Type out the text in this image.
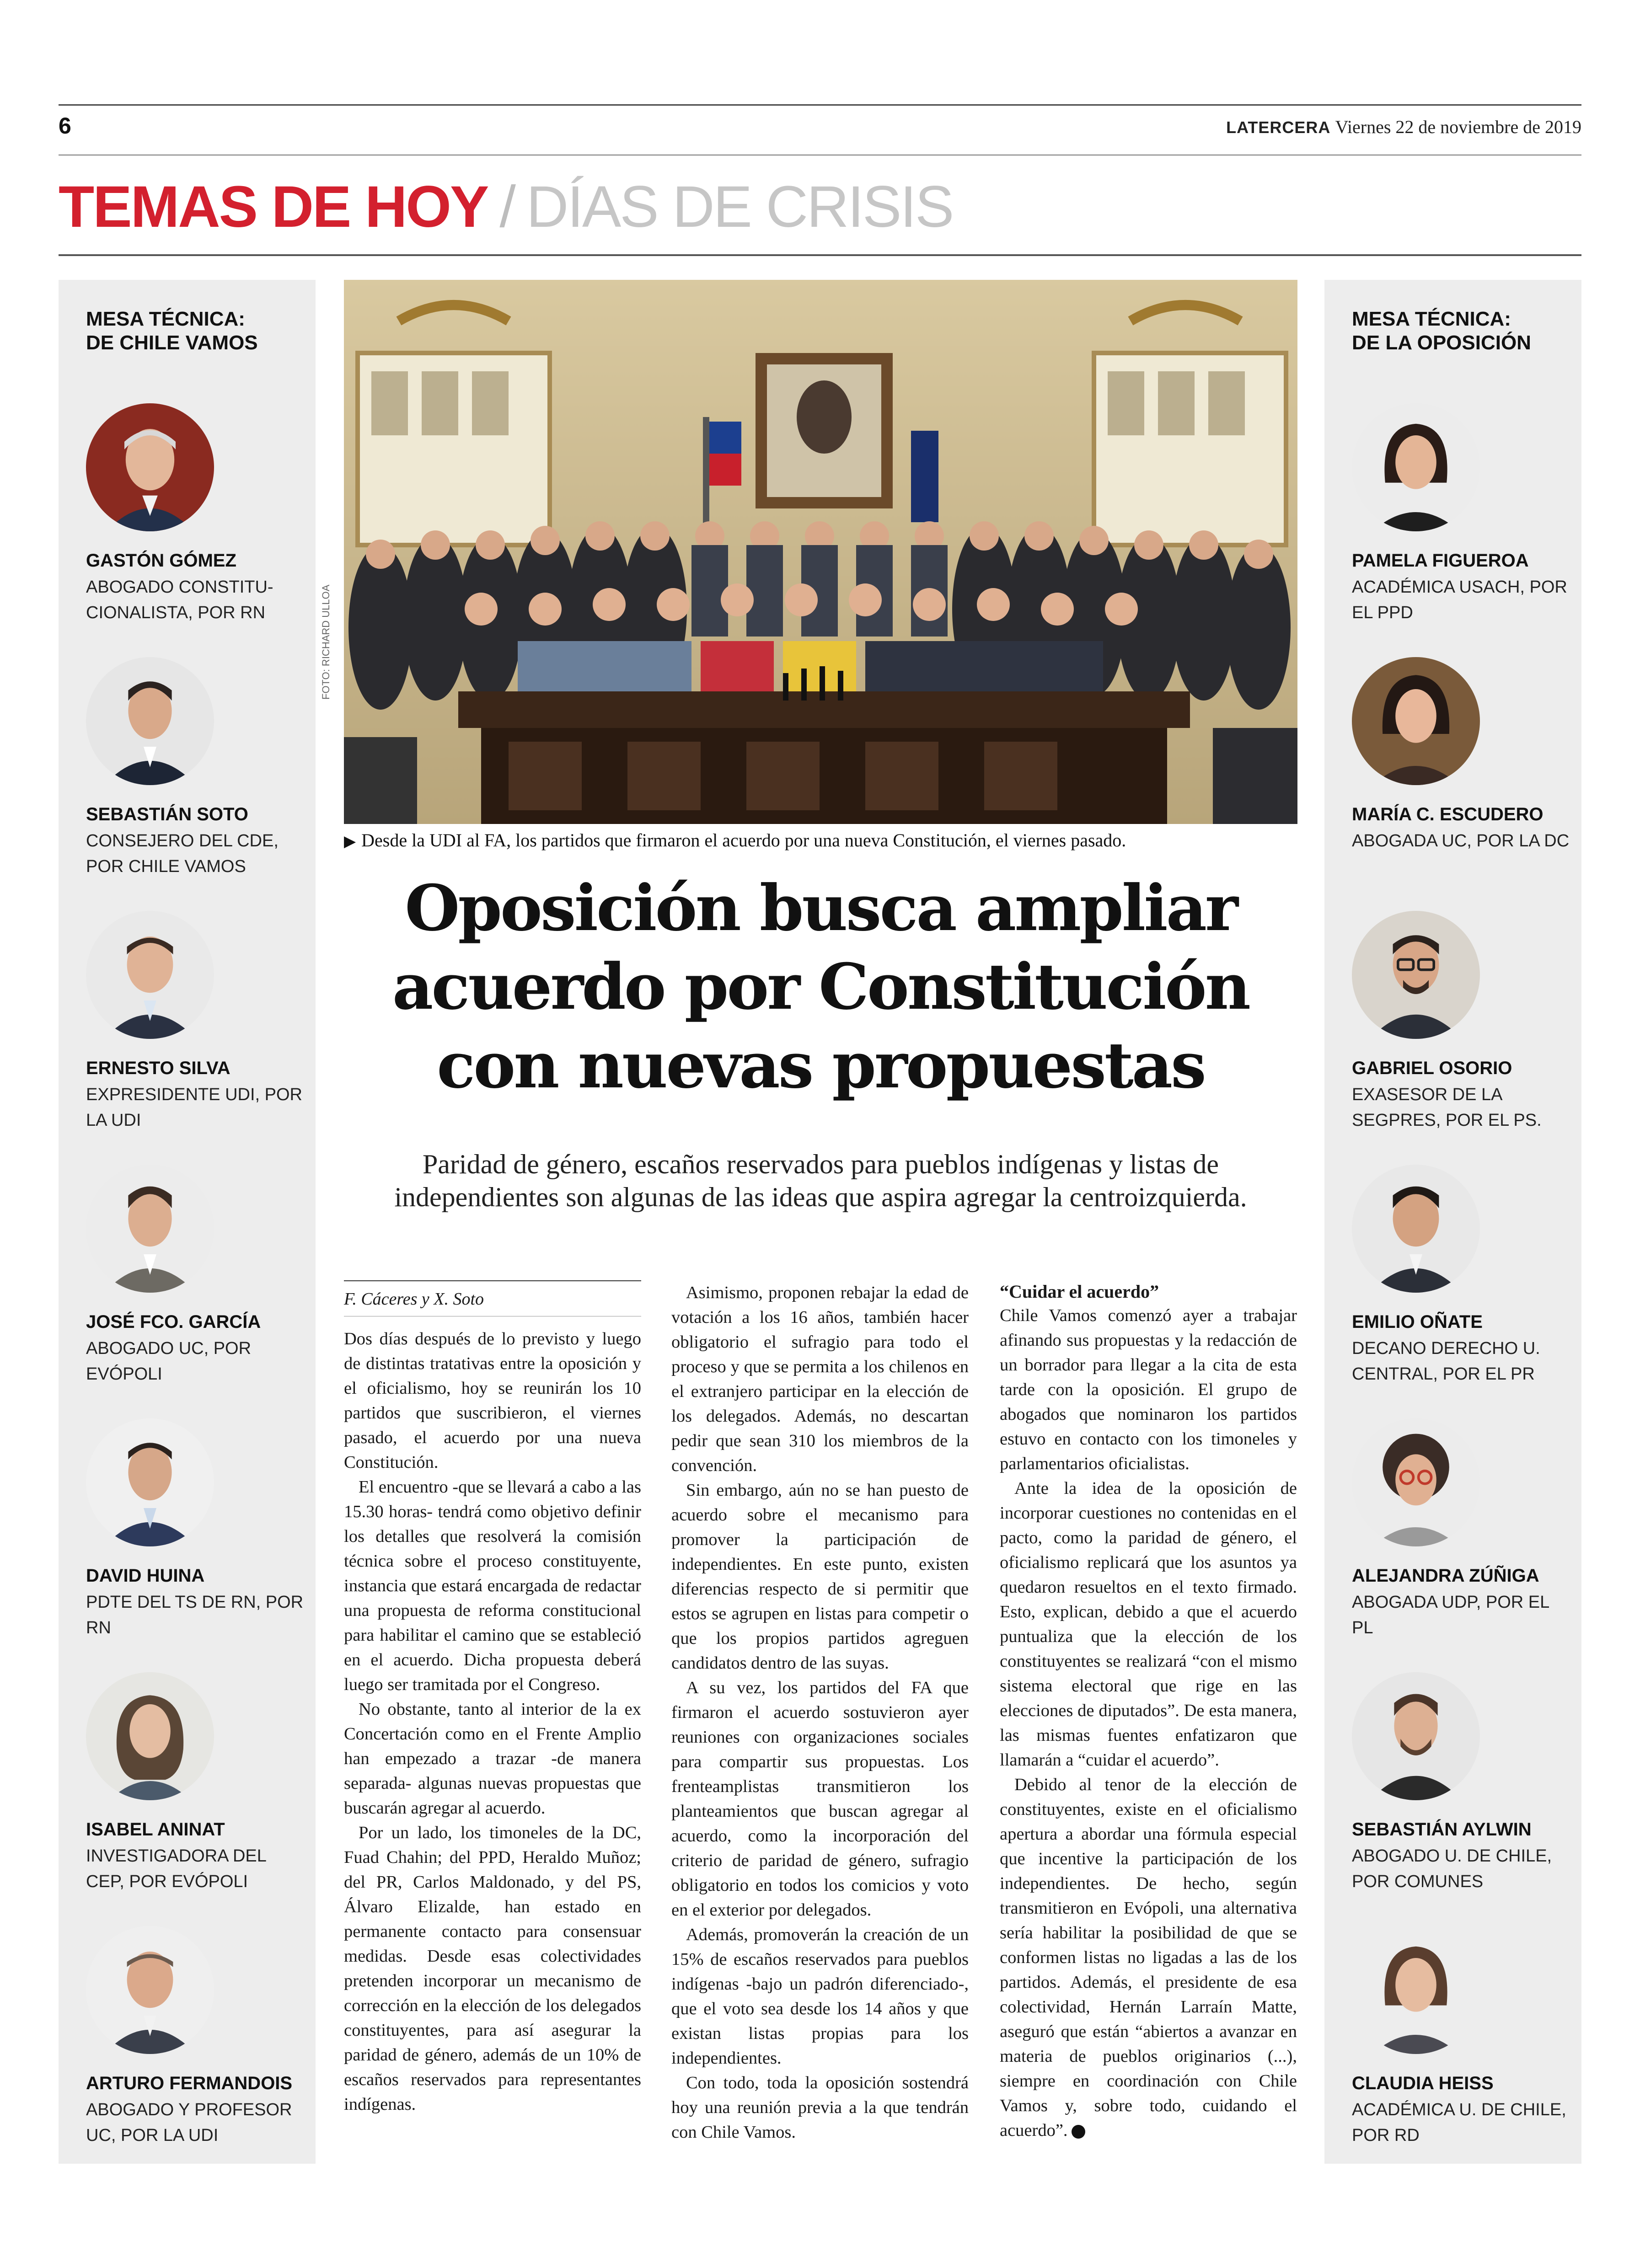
6	LATERCERA Viernes 22 de noviembre de 2019
TEMAS DE HOY / DÍAS DE CRISIS
MESA TÉCNICA: DE CHILE VAMOS
GASTÓN GÓMEZ
ABOGADO CONSTITU-CIONALISTA, POR RN
SEBASTIÁN SOTO
CONSEJERO DEL CDE, POR CHILE VAMOS
ERNESTO SILVA
EXPRESIDENTE UDI, POR LA UDI
JOSÉ FCO. GARCÍA
ABOGADO UC, POR EVÓPOLI
DAVID HUINA
PDTE DEL TS DE RN, POR RN
ISABEL ANINAT
INVESTIGADORA DEL CEP, POR EVÓPOLI
ARTURO FERMANDOIS
ABOGADO Y PROFESOR UC, POR LA UDI
MESA TÉCNICA: DE LA OPOSICIÓN
PAMELA FIGUEROA
ACADÉMICA USACH, POR EL PPD
MARÍA C. ESCUDERO
ABOGADA UC, POR LA DC
GABRIEL OSORIO
EXASESOR DE LA SEGPRES, POR EL PS.
EMILIO OÑATE
DECANO DERECHO U. CENTRAL, POR EL PR
ALEJANDRA ZÚÑIGA
ABOGADA UDP, POR EL PL
SEBASTIÁN AYLWIN
ABOGADO U. DE CHILE, POR COMUNES
CLAUDIA HEISS
ACADÉMICA U. DE CHILE, POR RD
FOTO: RICHARD ULLOA
▶ Desde la UDI al FA, los partidos que firmaron el acuerdo por una nueva Constitución, el viernes pasado.
Oposición busca ampliar acuerdo por Constitución con nuevas propuestas
Paridad de género, escaños reservados para pueblos indígenas y listas de independientes son algunas de las ideas que aspira agregar la centroizquierda.
F. Cáceres y X. Soto

Dos días después de lo previsto y luego de distintas tratativas entre la oposición y el oficialismo, hoy se reunirán los 10 partidos que suscribieron, el viernes pasado, el acuerdo por una nueva Constitución.

El encuentro -que se llevará a cabo a las 15.30 horas- tendrá como objetivo definir los detalles que resolverá la comisión técnica sobre el proceso constituyente, instancia que estará encargada de redactar una propuesta de reforma constitucional para habilitar el camino que se estableció en el acuerdo. Dicha propuesta deberá luego ser tramitada por el Congreso.

No obstante, tanto al interior de la ex Concertación como en el Frente Amplio han empezado a trazar -de manera separada- algunas nuevas propuestas que buscarán agregar al acuerdo.

Por un lado, los timoneles de la DC, Fuad Chahin; del PPD, Heraldo Muñoz; del PR, Carlos Maldonado, y del PS, Álvaro Elizalde, han estado en permanente contacto para consensuar medidas. Desde esas colectividades pretenden incorporar un mecanismo de corrección en la elección de los delegados constituyentes, para así asegurar la paridad de género, además de un 10% de escaños reservados para representantes indígenas.

Asimismo, proponen rebajar la edad de votación a los 16 años, también hacer obligatorio el sufragio para todo el proceso y que se permita a los chilenos en el extranjero participar en la elección de los delegados. Además, no descartan pedir que sean 310 los miembros de la convención.

Sin embargo, aún no se han puesto de acuerdo sobre el mecanismo para promover la participación de independientes. En este punto, existen diferencias respecto de si permitir que estos se agrupen en listas para competir o que los propios partidos agreguen candidatos dentro de las suyas.

A su vez, los partidos del FA que firmaron el acuerdo sostuvieron ayer reuniones con organizaciones sociales para compartir sus propuestas. Los frenteamplistas transmitieron los planteamientos que buscan agregar al acuerdo, como la incorporación del criterio de paridad de género, sufragio obligatorio en todos los comicios y voto en el exterior por delegados.

Además, promoverán la creación de un 15% de escaños reservados para pueblos indígenas -bajo un padrón diferenciado-, que el voto sea desde los 14 años y que existan listas propias para los independientes.

Con todo, toda la oposición sostendrá hoy una reunión previa a la que tendrán con Chile Vamos.

“Cuidar el acuerdo”

Chile Vamos comenzó ayer a trabajar afinando sus propuestas y la redacción de un borrador para llegar a la cita de esta tarde con la oposición. El grupo de abogados que nominaron los partidos estuvo en contacto con los timoneles y parlamentarios oficialistas.

Ante la idea de la oposición de incorporar cuestiones no contenidas en el pacto, como la paridad de género, el oficialismo replicará que los asuntos ya quedaron resueltos en el texto firmado. Esto, explican, debido a que el acuerdo puntualiza que la elección de los constituyentes se realizará “con el mismo sistema electoral que rige en las elecciones de diputados”. De esta manera, las mismas fuentes enfatizaron que llamarán a “cuidar el acuerdo”.

Debido al tenor de la elección de constituyentes, existe en el oficialismo apertura a abordar una fórmula especial que incentive la participación de los independientes. De hecho, según transmitieron en Evópoli, una alternativa sería habilitar la posibilidad de que se conformen listas no ligadas a las de los partidos. Además, el presidente de esa colectividad, Hernán Larraín Matte, aseguró que están “abiertos a avanzar en materia de pueblos originarios (...), siempre en coordinación con Chile Vamos y, sobre todo, cuidando el acuerdo”.
